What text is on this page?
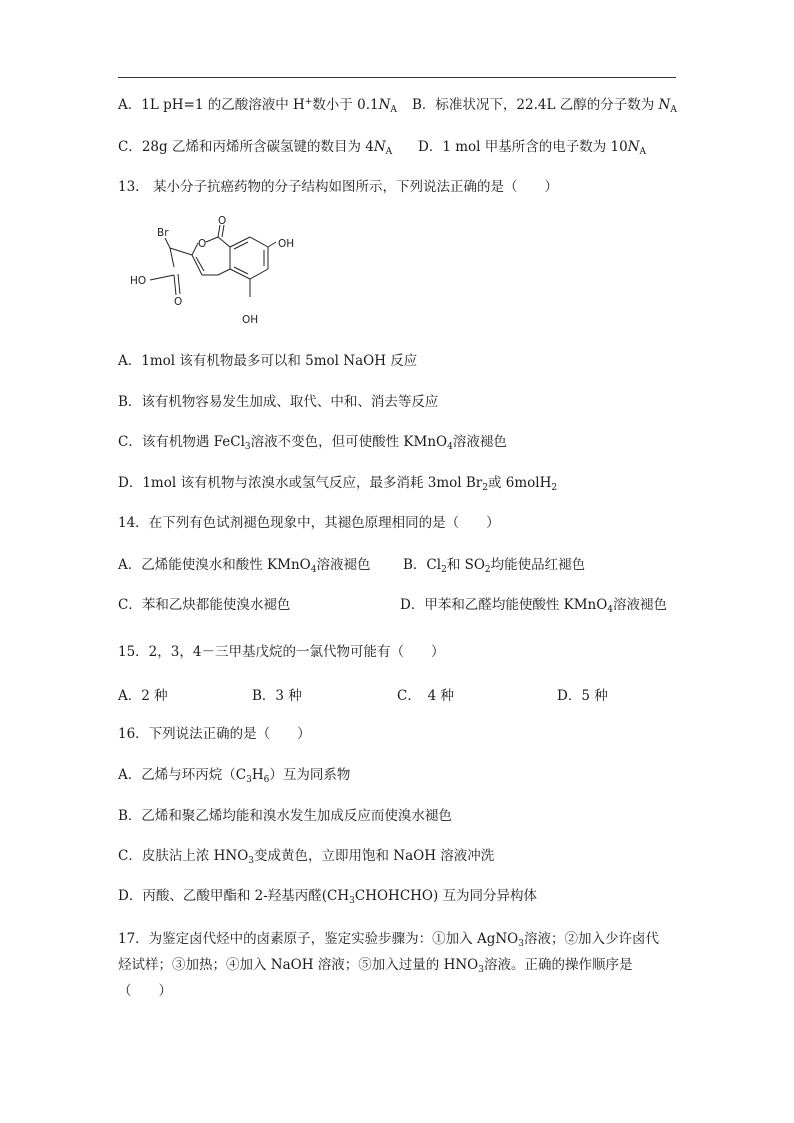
A．1L pH=1 的乙酸溶液中 H+数小于 $0.1N_A$ B．标准状况下，22.4L 乙醇的分子数为 $N_A$
C．28g 乙烯和丙烯所含碳氢键的数目为 $4N_A$ D．1 mol 甲基所含的电子数为 $10N_A$
13.　某小分子抗癌药物的分子结构如图所示，下列说法正确的是（　　）
Br
O
O
OH
HO
O
OH
A．1mol 该有机物最多可以和 5mol NaOH 反应
B．该有机物容易发生加成、取代、中和、消去等反应
C．该有机物遇 FeCl$_3$溶液不变色，但可使酸性 KMnO$_4$溶液褪色
D．1mol 该有机物与浓溴水或氢气反应，最多消耗 3mol $Br_2$或 6molH$_2$
14．在下列有色试剂褪色现象中，其褪色原理相同的是（　　）
A．乙烯能使溴水和酸性 KMnO$_4$溶液褪色 B．$Cl_2$和 $SO_2$均能使品红褪色
C．苯和乙炔都能使溴水褪色	D．甲苯和乙醛均能使酸性 KMnO$_4$溶液褪色
15．2，3，4－三甲基戊烷的一氯代物可能有（　　）
A．2 种	B．3 种	C．　4 种	D．5 种
16．下列说法正确的是（　　）
A．乙烯与环丙烷$(C_3H_6)$互为同系物
B．乙烯和聚乙烯均能和溴水发生加成反应而使溴水褪色
C．皮肤沾上浓 $HNO_3$变成黄色，立即用饱和 NaOH 溶液冲洗
D．丙酸、乙酸甲酯和 2-羟基丙醛$(CH_3CHOHCHO)$ 互为同分异构体
17．为鉴定卤代烃中的卤素原子，鉴定实验步骤为：①加入 AgNO$_3$溶液；②加入少许卤代
烃试样；③加热；④加入 NaOH 溶液；⑤加入过量的 $HNO_3$溶液。正确的操作顺序是
（　　）
